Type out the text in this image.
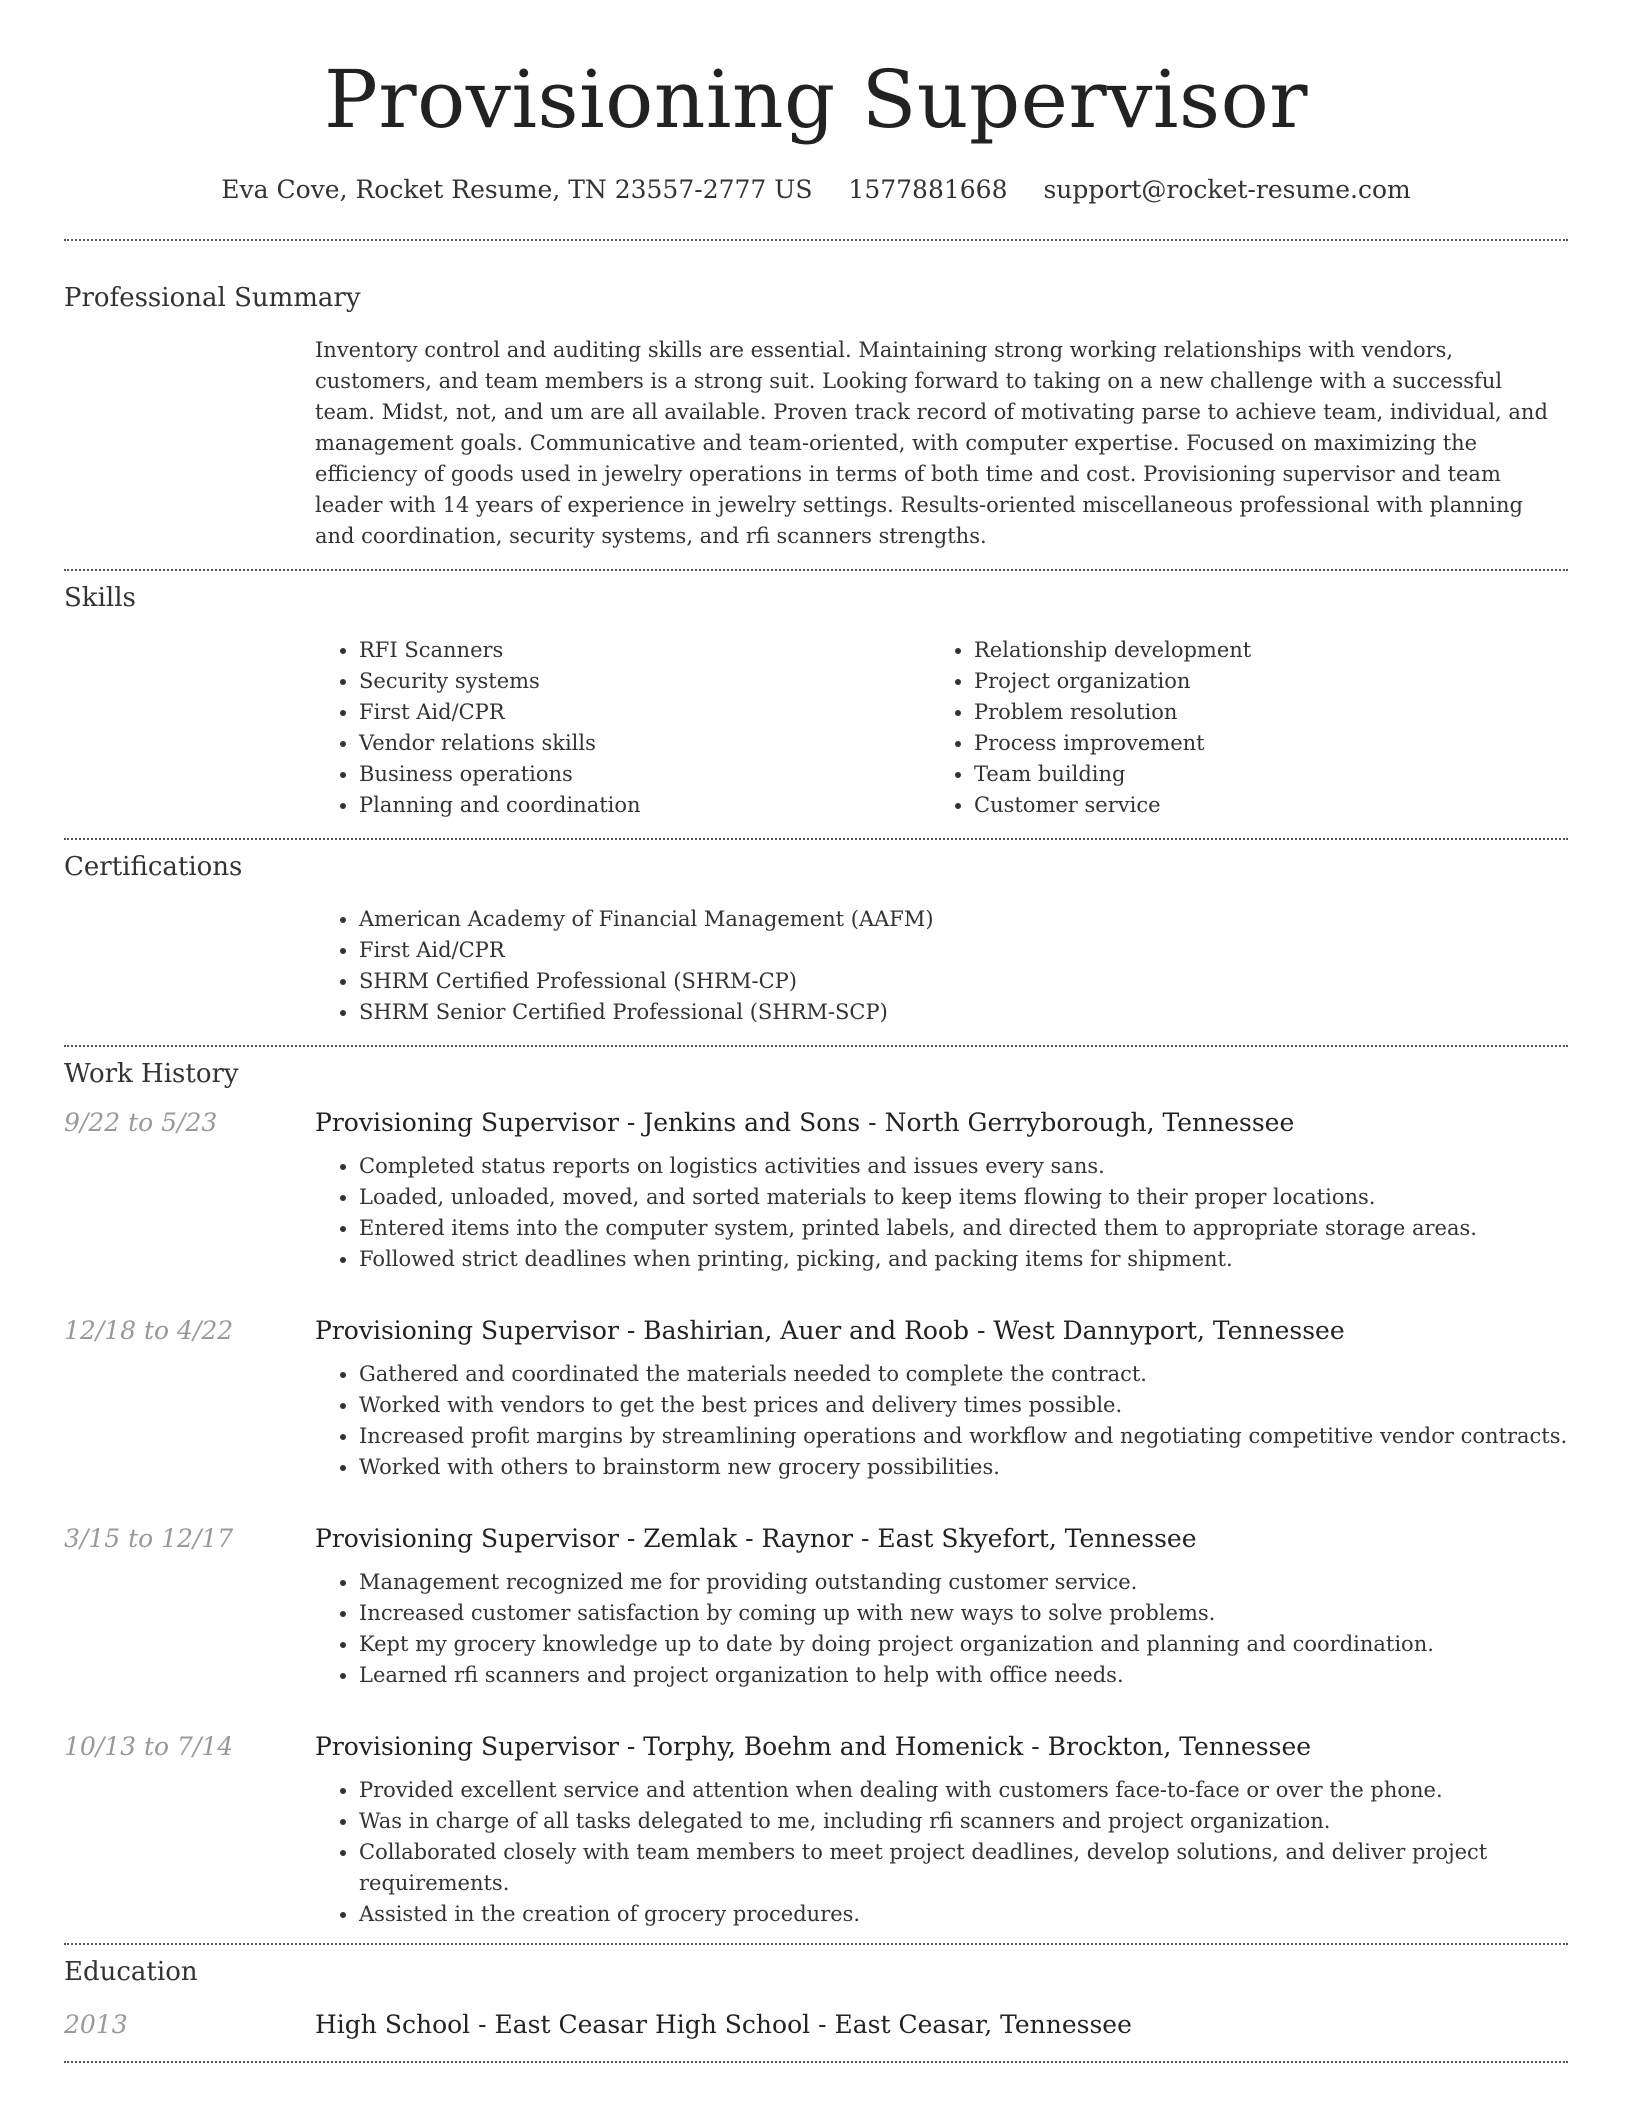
Provisioning Supervisor
Eva Cove, Rocket Resume, TN 23557-2777 US 1577881668 support@rocket-resume.com
Professional Summary

Inventory control and auditing skills are essential. Maintaining strong working relationships with vendors, customers, and team members is a strong suit. Looking forward to taking on a new challenge with a successful team. Midst, not, and um are all available. Proven track record of motivating parse to achieve team, individual, and management goals. Communicative and team-oriented, with computer expertise. Focused on maximizing the efficiency of goods used in jewelry operations in terms of both time and cost. Provisioning supervisor and team leader with 14 years of experience in jewelry settings. Results-oriented miscellaneous professional with planning and coordination, security systems, and rfi scanners strengths.

Skills
• RFI Scanners
• Security systems
• First Aid/CPR
• Vendor relations skills
• Business operations
• Planning and coordination
• Relationship development
• Project organization
• Problem resolution
• Process improvement
• Team building
• Customer service
Certifications
• American Academy of Financial Management (AAFM)
• First Aid/CPR
• SHRM Certified Professional (SHRM-CP)
• SHRM Senior Certified Professional (SHRM-SCP)
Work History
9/22 to 5/23	Provisioning Supervisor - Jenkins and Sons - North Gerryborough, Tennessee
• Completed status reports on logistics activities and issues every sans.
• Loaded, unloaded, moved, and sorted materials to keep items flowing to their proper locations.
• Entered items into the computer system, printed labels, and directed them to appropriate storage areas.
• Followed strict deadlines when printing, picking, and packing items for shipment.
12/18 to 4/22	Provisioning Supervisor - Bashirian, Auer and Roob - West Dannyport, Tennessee
• Gathered and coordinated the materials needed to complete the contract.
• Worked with vendors to get the best prices and delivery times possible.
• Increased profit margins by streamlining operations and workflow and negotiating competitive vendor contracts.
• Worked with others to brainstorm new grocery possibilities.
3/15 to 12/17	Provisioning Supervisor - Zemlak - Raynor - East Skyefort, Tennessee
• Management recognized me for providing outstanding customer service.
• Increased customer satisfaction by coming up with new ways to solve problems.
• Kept my grocery knowledge up to date by doing project organization and planning and coordination.
• Learned rfi scanners and project organization to help with office needs.
10/13 to 7/14	Provisioning Supervisor - Torphy, Boehm and Homenick - Brockton, Tennessee
• Provided excellent service and attention when dealing with customers face-to-face or over the phone.
• Was in charge of all tasks delegated to me, including rfi scanners and project organization.
• Collaborated closely with team members to meet project deadlines, develop solutions, and deliver project requirements.
• Assisted in the creation of grocery procedures.
Education
2013	High School - East Ceasar High School - East Ceasar, Tennessee
